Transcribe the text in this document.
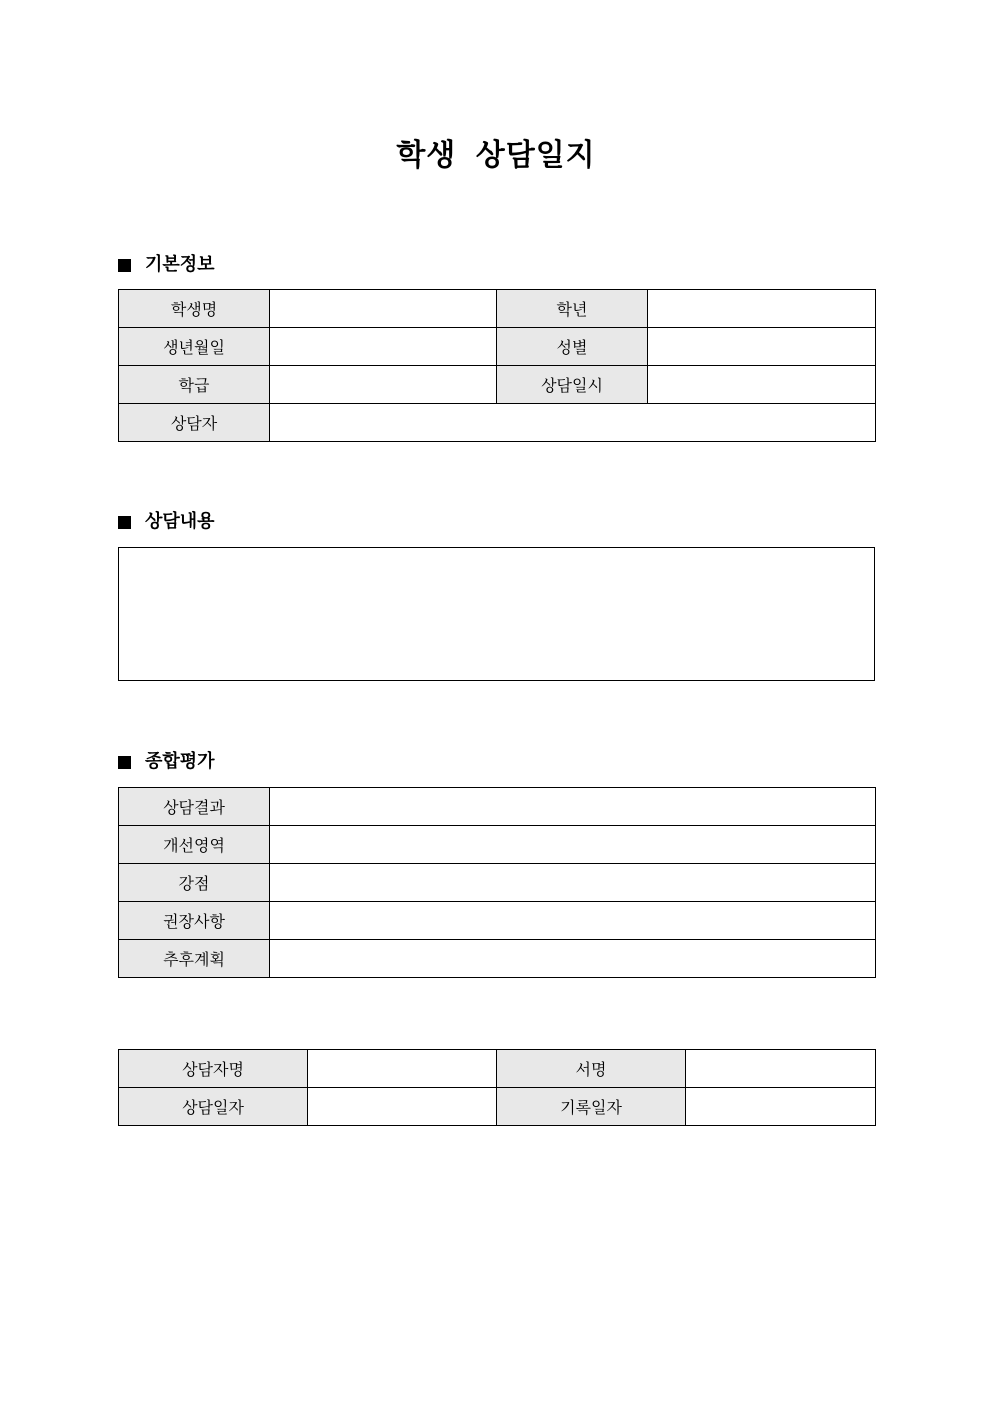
학생 상담일지
기본정보
학생명		학년	
생년월일		성별	
학급		상담일시	
상담자			
상담내용
종합평가
상담결과	
개선영역	
강점	
권장사항	
추후계획	
상담자명		서명	
상담일자		기록일자	
